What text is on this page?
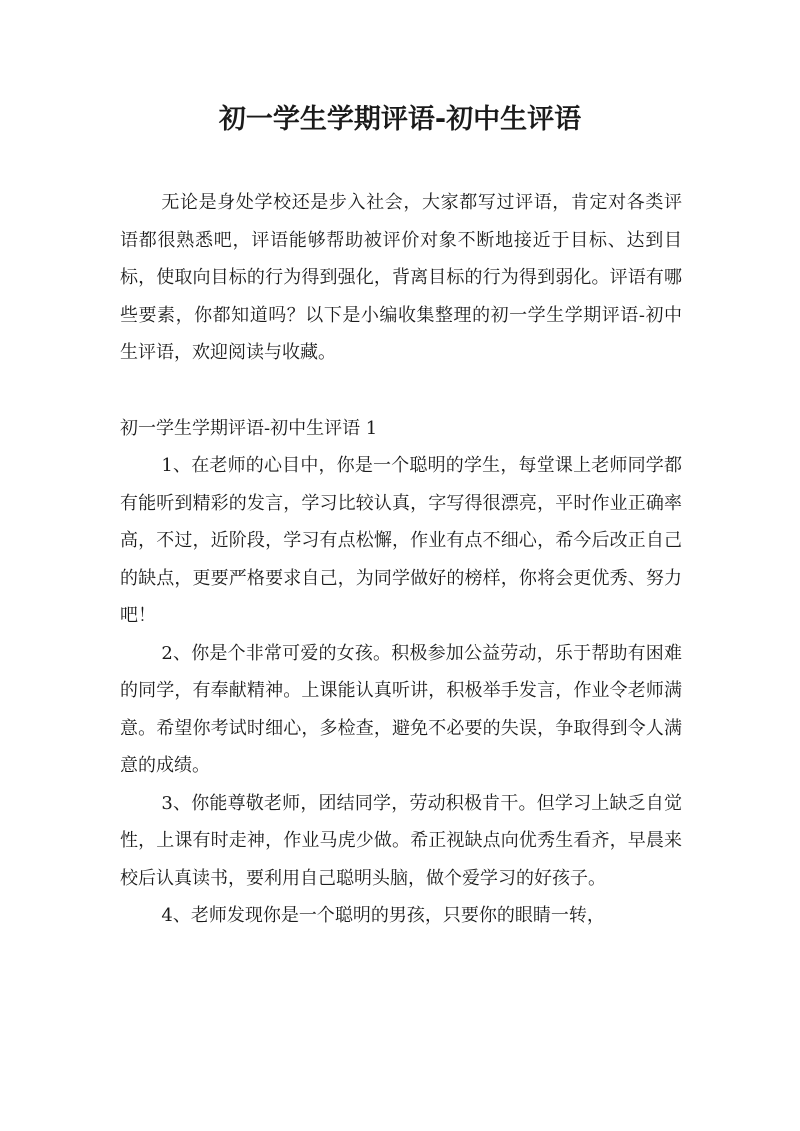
初一学生学期评语-初中生评语

无论是身处学校还是步入社会，大家都写过评语，肯定对各类评语都很熟悉吧，评语能够帮助被评价对象不断地接近于目标、达到目标，使取向目标的行为得到强化，背离目标的行为得到弱化。评语有哪些要素，你都知道吗？以下是小编收集整理的初一学生学期评语-初中生评语，欢迎阅读与收藏。

初一学生学期评语-初中生评语 1

1、在老师的心目中，你是一个聪明的学生，每堂课上老师同学都有能听到精彩的发言，学习比较认真，字写得很漂亮，平时作业正确率高，不过，近阶段，学习有点松懈，作业有点不细心，希今后改正自己的缺点，更要严格要求自己，为同学做好的榜样，你将会更优秀、努力吧！

2、你是个非常可爱的女孩。积极参加公益劳动，乐于帮助有困难的同学，有奉献精神。上课能认真听讲，积极举手发言，作业令老师满意。希望你考试时细心，多检查，避免不必要的失误，争取得到令人满意的成绩。

3、你能尊敬老师，团结同学，劳动积极肯干。但学习上缺乏自觉性，上课有时走神，作业马虎少做。希正视缺点向优秀生看齐，早晨来校后认真读书，要利用自己聪明头脑，做个爱学习的好孩子。

4、老师发现你是一个聪明的男孩，只要你的眼睛一转，
